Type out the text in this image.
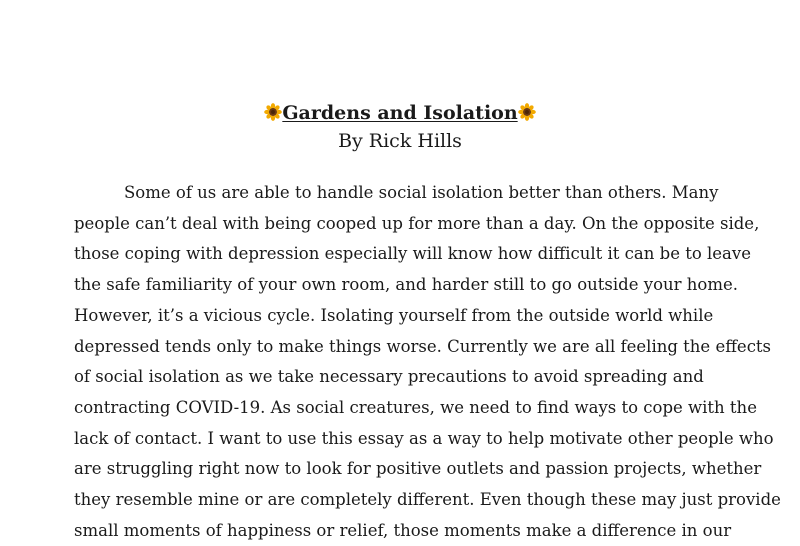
Gardens and Isolation
By Rick Hills
Some of us are able to handle social isolation better than others. Many
people can’t deal with being cooped up for more than a day. On the opposite side,
those coping with depression especially will know how difficult it can be to leave
the safe familiarity of your own room, and harder still to go outside your home.
However, it’s a vicious cycle. Isolating yourself from the outside world while
depressed tends only to make things worse. Currently we are all feeling the effects
of social isolation as we take necessary precautions to avoid spreading and
contracting COVID-19. As social creatures, we need to find ways to cope with the
lack of contact. I want to use this essay as a way to help motivate other people who
are struggling right now to look for positive outlets and passion projects, whether
they resemble mine or are completely different. Even though these may just provide
small moments of happiness or relief, those moments make a difference in our
